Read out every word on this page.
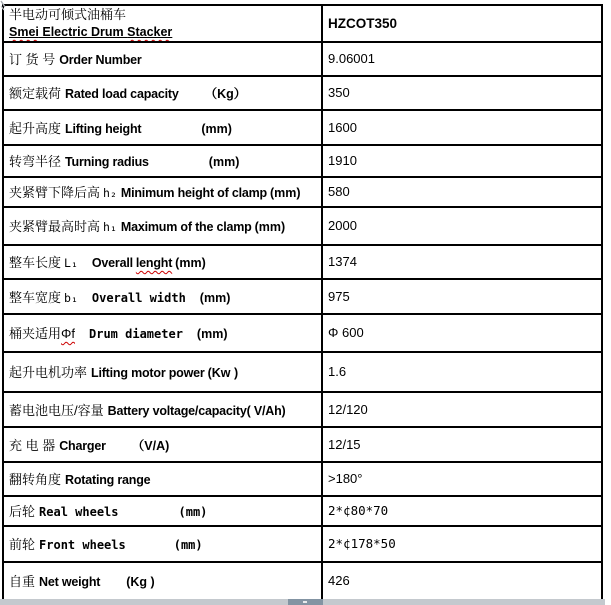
半电动可倾式油桶车
Smei Electric Drum Stacker	HZCOT350
订 货 号 Order Number	9.06001
额定载荷 Rated load capacity （Kg）	350
起升高度 Lifting height (mm)	1600
转弯半径 Turning radius (mm)	1910
夹紧臂下降后高 h₂ Minimum height of clamp (mm)	580
夹紧臂最高时高 h₁ Maximum of the clamp (mm)	2000
整车长度 L₁ Overall lenght (mm)	1374
整车宽度 b₁ Overall width (mm)	975
桶夹适用Φf Drum diameter (mm)	Φ 600
起升电机功率 Lifting motor power (Kw )	1.6
蓄电池电压/容量 Battery voltage/capacity( V/Ah)	12/120
充 电 器 Charger （V/A)	12/15
翻转角度 Rotating range	>180°
后轮 Real wheels (mm)	2*¢80*70
前轮 Front wheels (mm)	2*¢178*50
自重 Net weight (Kg )	426
